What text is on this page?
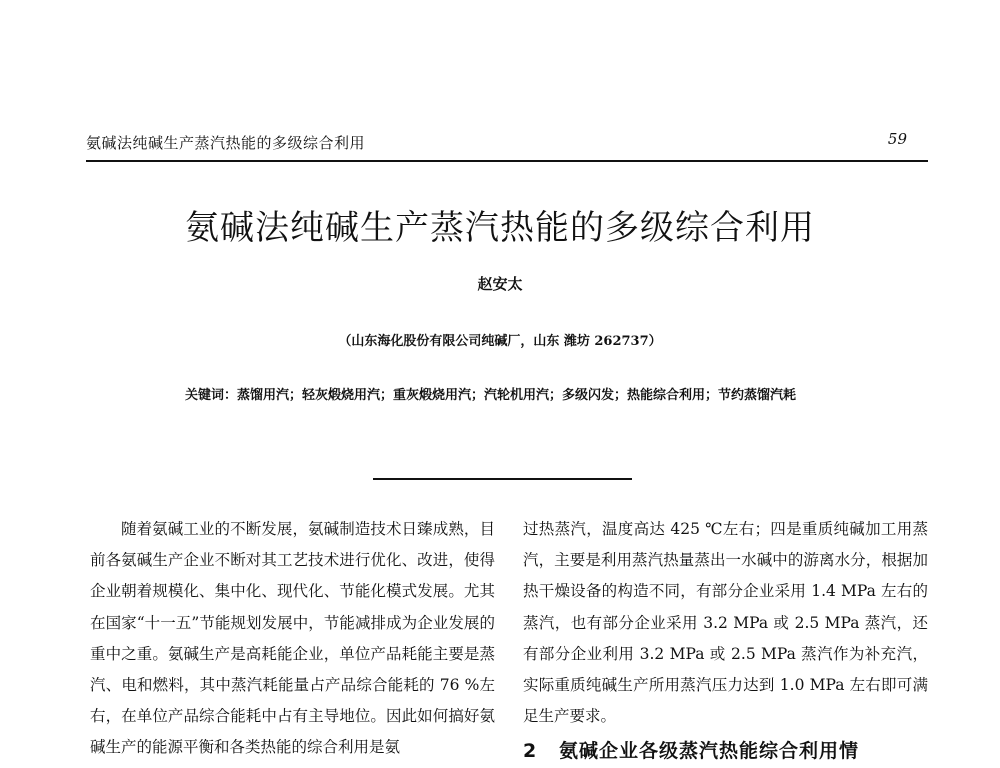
氨碱法纯碱生产蒸汽热能的多级综合利用	59
氨碱法纯碱生产蒸汽热能的多级综合利用
赵安太
（山东海化股份有限公司纯碱厂，山东 潍坊 262737）
关键词：蒸馏用汽；轻灰煅烧用汽；重灰煅烧用汽；汽轮机用汽；多级闪发；热能综合利用；节约蒸馏汽耗

随着氨碱工业的不断发展，氨碱制造技术日臻成熟，目前各氨碱生产企业不断对其工艺技术进行优化、改进，使得企业朝着规模化、集中化、现代化、节能化模式发展。尤其在国家“十一五”节能规划发展中，节能减排成为企业发展的重中之重。氨碱生产是高耗能企业，单位产品耗能主要是蒸汽、电和燃料，其中蒸汽耗能量占产品综合能耗的 76 %左右，在单位产品综合能耗中占有主导地位。因此如何搞好氨碱生产的能源平衡和各类热能的综合利用是氨

过热蒸汽，温度高达 425 ℃左右；四是重质纯碱加工用蒸汽，主要是利用蒸汽热量蒸出一水碱中的游离水分，根据加热干燥设备的构造不同，有部分企业采用 1.4 MPa 左右的蒸汽，也有部分企业采用 3.2 MPa 或 2.5 MPa 蒸汽，还有部分企业利用 3.2 MPa 或 2.5 MPa 蒸汽作为补充汽，实际重质纯碱生产所用蒸汽压力达到 1.0 MPa 左右即可满足生产要求。

2 氨碱企业各级蒸汽热能综合利用情
